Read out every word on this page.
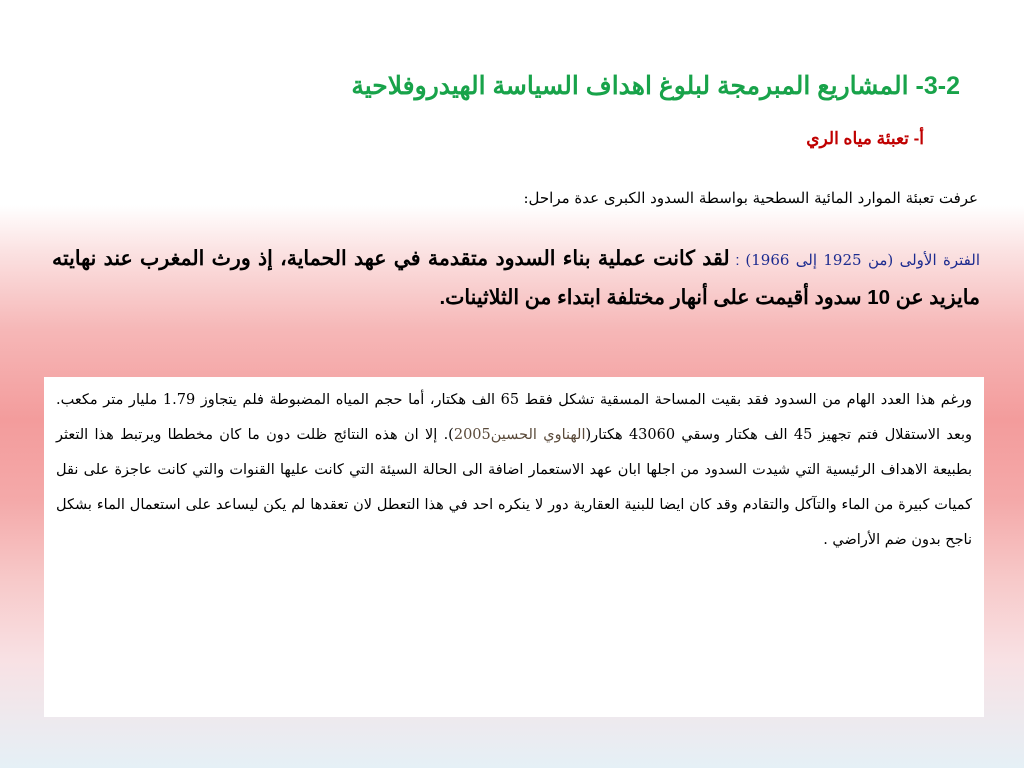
3-2- المشاريع المبرمجة لبلوغ اهداف السياسة الهيدروفلاحية
أ- تعبئة مياه الري
عرفت تعبئة الموارد المائية السطحية بواسطة السدود الكبرى عدة مراحل:
الفترة الأولى (من 1925 إلى 1966) : لقد كانت عملية بناء السدود متقدمة في عهد الحماية، إذ ورث المغرب عند نهايته مايزيد عن 10 سدود أقيمت على أنهار مختلفة ابتداء من الثلاثينات.

ورغم هذا العدد الهام من السدود فقد بقيت المساحة المسقية تشكل فقط 65 الف هكتار، أما حجم المياه المضبوطة فلم يتجاوز 1.79 مليار متر مكعب. وبعد الاستقلال فتم تجهيز 45 الف هكتار وسقي 43060 هكتار(الهناوي الحسين2005). إلا ان هذه النتائج ظلت دون ما كان مخططا ويرتبط هذا التعثر بطبيعة الاهداف الرئيسية التي شيدت السدود من اجلها ابان عهد الاستعمار اضافة الى الحالة السيئة التي كانت عليها القنوات والتي كانت عاجزة على نقل كميات كبيرة من الماء والتآكل والتقادم وقد كان ايضا للبنية العقارية دور لا ينكره احد في هذا التعطل لان تعقدها لم يكن ليساعد على استعمال الماء بشكل ناجح بدون ضم الأراضي .
